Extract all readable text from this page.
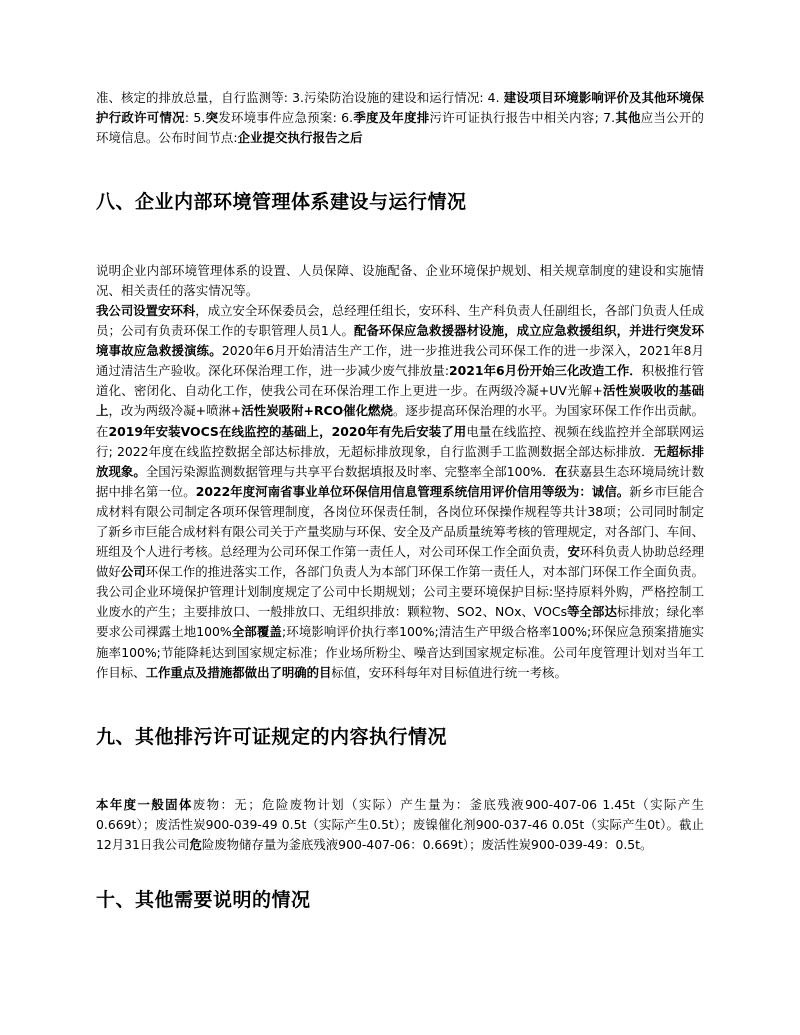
准、核定的排放总量，自行监测等: 3.污染防治设施的建设和运行情况: 4. 建设项目环境影响评价及其他环境保护行政许可情况: 5.突发环境事件应急预案: 6.季度及年度排污许可证执行报告中相关内容; 7.其他应当公开的环境信息。公布时间节点:企业提交执行报告之后

八、企业内部环境管理体系建设与运行情况

说明企业内部环境管理体系的设置、人员保障、设施配备、企业环境保护规划、相关规章制度的建设和实施情况、相关责任的落实情况等。

我公司设置安环科，成立安全环保委员会，总经理任组长，安环科、生产科负责人任副组长，各部门负责人任成员；公司有负责环保工作的专职管理人员1人。配备环保应急救援器材设施，成立应急救援组织，并进行突发环境事故应急救援演练。2020年6月开始清洁生产工作，进一步推进我公司环保工作的进一步深入，2021年8月通过清洁生产验收。深化环保治理工作，进一步减少废气排放量:2021年6月份开始三化改造工作．积极推行管道化、密闭化、自动化工作，使我公司在环保治理工作上更进一步。在两级冷凝+UV光解+活性炭吸收的基础上，改为两级冷凝+喷淋+活性炭吸附+RCO催化燃烧。逐步提高环保治理的水平。为国家环保工作作出贡献。在2019年安装VOCS在线监控的基础上，2020年有先后安装了用电量在线监控、视频在线监控并全部联网运行; 2022年度在线监控数据全部达标排放，无超标排放现象，自行监测手工监测数据全部达标排放．无超标排放现象。全国污染源监测数据管理与共享平台数据填报及时率、完整率全部100%．在获嘉县生态环境局统计数据中排名第一位。2022年度河南省事业单位环保信用信息管理系统信用评价信用等级为：诚信。新乡市巨能合成材料有限公司制定各项环保管理制度，各岗位环保责任制，各岗位环保操作规程等共计38项；公司同时制定了新乡市巨能合成材料有限公司关于产量奖励与环保、安全及产品质量统筹考核的管理规定，对各部门、车间、班组及个人进行考核。总经理为公司环保工作第一责任人，对公司环保工作全面负责，安环科负责人协助总经理做好公司环保工作的推进落实工作，各部门负责人为本部门环保工作第一责任人，对本部门环保工作全面负责。我公司企业环境保护管理计划制度规定了公司中长期规划；公司主要环境保护目标:坚持原料外购，严格控制工业废水的产生；主要排放口、一般排放口、无组织排放：颗粒物、SO2、NOx、VOCs等全部达标排放；绿化率要求公司裸露土地100%全部覆盖;环境影响评价执行率100%;清洁生产甲级合格率100%;环保应急预案措施实施率100%;节能降耗达到国家规定标准；作业场所粉尘、噪音达到国家规定标准。公司年度管理计划对当年工作目标、工作重点及措施都做出了明确的目标值，安环科每年对目标值进行统一考核。
九、其他排污许可证规定的内容执行情况
本年度一般固体废物：无；危险废物计划（实际）产生量为：釜底残液900-407-06 1.45t（实际产生0.669t）；废活性炭900-039-49 0.5t（实际产生0.5t）；废镍催化剂900-037-46 0.05t（实际产生0t）。截止12月31日我公司危险废物储存量为釜底残液900-407-06：0.669t）；废活性炭900-039-49：0.5t。
十、其他需要说明的情况
